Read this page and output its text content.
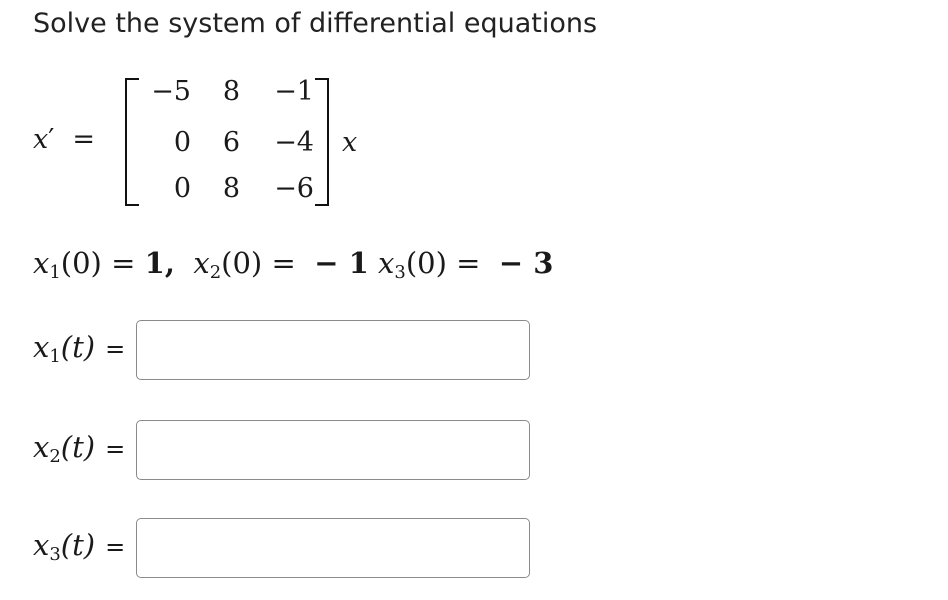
Solve the system of differential equations
x′ =
−5	8	−1
0	6	−4
0	8	−6
x
$x_1(0) = 1$, $x_2(0)$ = − 1 $x_3(0)$ = − 3
$x_1(t)$ =
$x_2(t)$ =
$x_3(t)$ =
